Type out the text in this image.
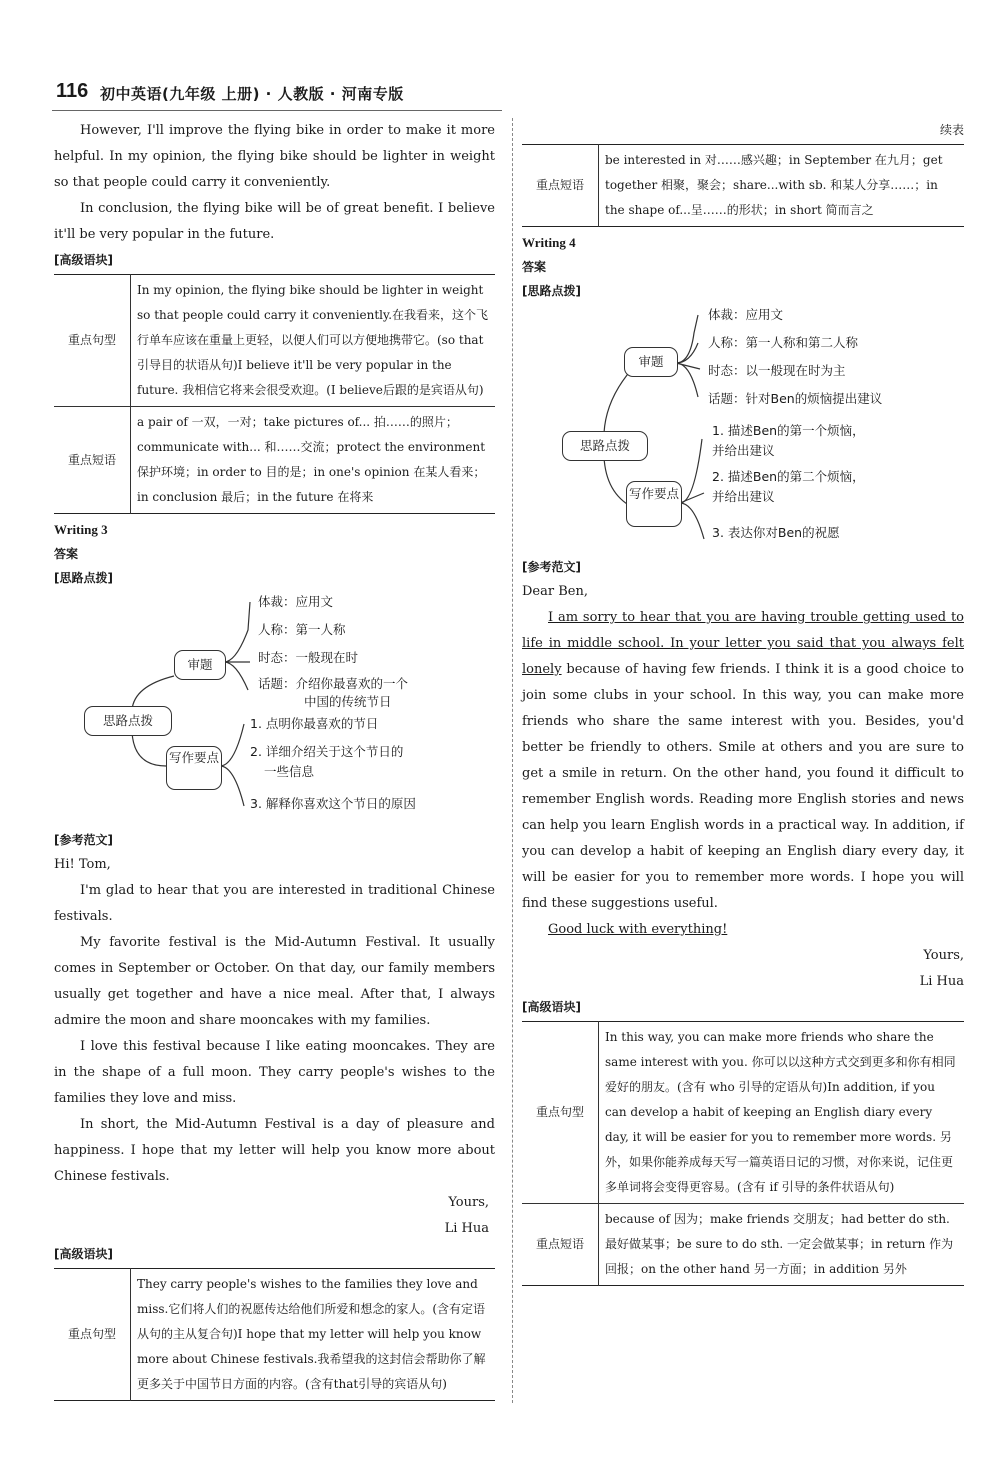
116 初中英语(九年级 上册) · 人教版 · 河南专版

However, I'll improve the flying bike in order to make it more helpful. In my opinion, the flying bike should be lighter in weight so that people could carry it conveniently.

In conclusion, the flying bike will be of great benefit. I believe it'll be very popular in the future.

[高级语块]
重点句型	In my opinion, the flying bike should be lighter in weight so that people could carry it conveniently.在我看来，这个飞行单车应该在重量上更轻，以便人们可以方便地携带它。(so that 引导目的状语从句)I believe it'll be very popular in the future. 我相信它将来会很受欢迎。(I believe后跟的是宾语从句)
重点短语	a pair of 一双，一对；take pictures of... 拍……的照片；communicate with... 和……交流；protect the environment 保护环境；in order to 目的是；in one's opinion 在某人看来；in conclusion 最后；in the future 在将来
Writing 3
答案
[思路点拨]
思路点拨
审题
写作要点
体裁：应用文
人称：第一人称
时态：一般现在时
话题：介绍你最喜欢的一个
中国的传统节日
1. 点明你最喜欢的节日
2. 详细介绍关于这个节日的
一些信息
3. 解释你喜欢这个节日的原因
[参考范文]

Hi! Tom,

I'm glad to hear that you are interested in traditional Chinese festivals.

My favorite festival is the Mid-Autumn Festival. It usually comes in September or October. On that day, our family members usually get together and have a nice meal. After that, I always admire the moon and share mooncakes with my families.

I love this festival because I like eating mooncakes. They are in the shape of a full moon. They carry people's wishes to the families they love and miss.

In short, the Mid-Autumn Festival is a day of pleasure and happiness. I hope that my letter will help you know more about Chinese festivals.

Yours,

Li Hua

[高级语块]
重点句型	They carry people's wishes to the families they love and miss.它们将人们的祝愿传达给他们所爱和想念的家人。(含有定语从句的主从复合句)I hope that my letter will help you know more about Chinese festivals.我希望我的这封信会帮助你了解更多关于中国节日方面的内容。(含有that引导的宾语从句)
续表
重点短语	be interested in 对……感兴趣；in September 在九月；get together 相聚，聚会；share...with sb. 和某人分享……；in the shape of...呈……的形状；in short 简而言之
Writing 4
答案
[思路点拨]
思路点拨
审题
写作要点
体裁：应用文
人称：第一人称和第二人称
时态：以一般现在时为主
话题：针对Ben的烦恼提出建议
1. 描述Ben的第一个烦恼，
并给出建议
2. 描述Ben的第二个烦恼，
并给出建议
3. 表达你对Ben的祝愿
[参考范文]

Dear Ben,

I am sorry to hear that you are having trouble getting used to life in middle school. In your letter you said that you always felt lonely because of having few friends. I think it is a good choice to join some clubs in your school. In this way, you can make more friends who share the same interest with you. Besides, you'd better be friendly to others. Smile at others and you are sure to get a smile in return. On the other hand, you found it difficult to remember English words. Reading more English stories and news can help you learn English words in a practical way. In addition, if you can develop a habit of keeping an English diary every day, it will be easier for you to remember more words. I hope you will find these suggestions useful.

Good luck with everything!

Yours,

Li Hua

[高级语块]
重点句型	In this way, you can make more friends who share the same interest with you. 你可以以这种方式交到更多和你有相同爱好的朋友。(含有 who 引导的定语从句)In addition, if you can develop a habit of keeping an English diary every day, it will be easier for you to remember more words. 另外，如果你能养成每天写一篇英语日记的习惯，对你来说，记住更多单词将会变得更容易。(含有 if 引导的条件状语从句)
重点短语	because of 因为；make friends 交朋友；had better do sth. 最好做某事；be sure to do sth. 一定会做某事；in return 作为回报；on the other hand 另一方面；in addition 另外
